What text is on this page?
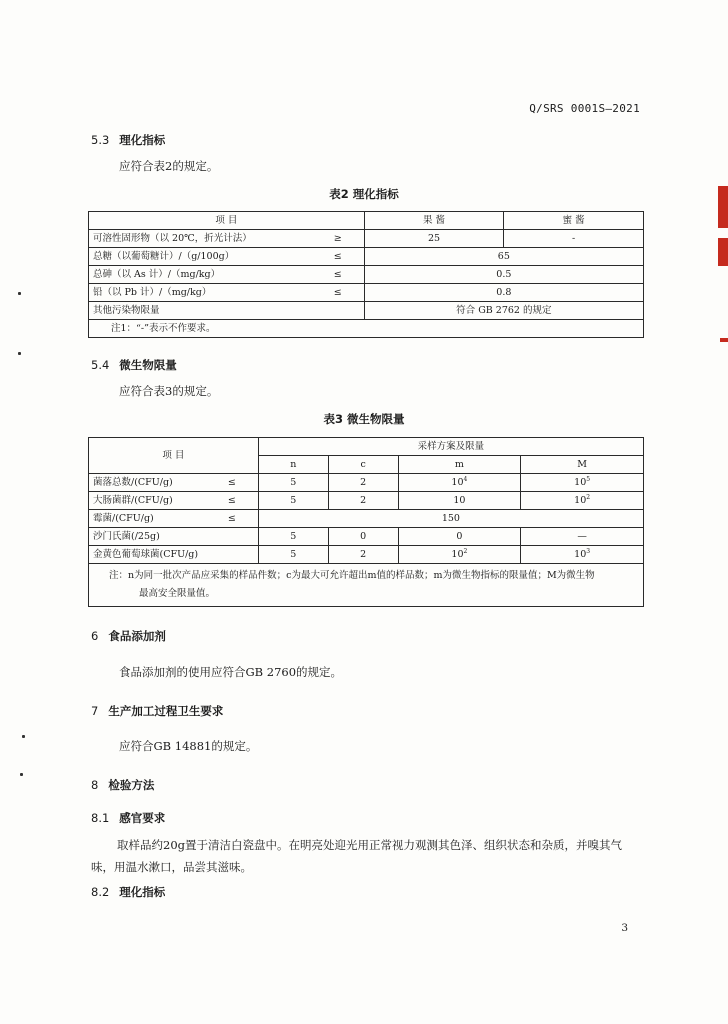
Q/SRS 0001S—2021
5.3 理化指标
应符合表2的规定。
表2 理化指标
项 目	果 酱	蜜 酱

可溶性固形物（以 20℃，折光计法） ≥	25	-

总糖（以葡萄糖计）/（g/100g） ≤	65	

总砷（以 As 计）/（mg/kg） ≤	0.5	

铅（以 Pb 计）/（mg/kg） ≤	0.8	
其他污染物限量	符合 GB 2762 的规定	
注1：“-”表示不作要求。		
5.4 微生物限量
应符合表3的规定。
表3 微生物限量
项 目	采样方案及限量			
	n	c	m	M

菌落总数/(CFU/g) ≤	5	2	$10^4$	$10^5$

大肠菌群/(CFU/g) ≤	5	2	10	$10^2$

霉菌/(CFU/g) ≤	150			
沙门氏菌(/25g)	5	0	0	—
金黄色葡萄球菌(CFU/g)	5	2	$10^2$	$10^3$
注：n为同一批次产品应采集的样品件数；c为最大可允许超出m值的样品数；m为微生物指标的限量值；M为微生物
最高安全限量值。				
6 食品添加剂
食品添加剂的使用应符合GB 2760的规定。
7 生产加工过程卫生要求
应符合GB 14881的规定。
8 检验方法
8.1 感官要求
取样品约20g置于清洁白瓷盘中。在明亮处迎光用正常视力观测其色泽、组织状态和杂质，并嗅其气味，用温水漱口，品尝其滋味。
8.2 理化指标
3
